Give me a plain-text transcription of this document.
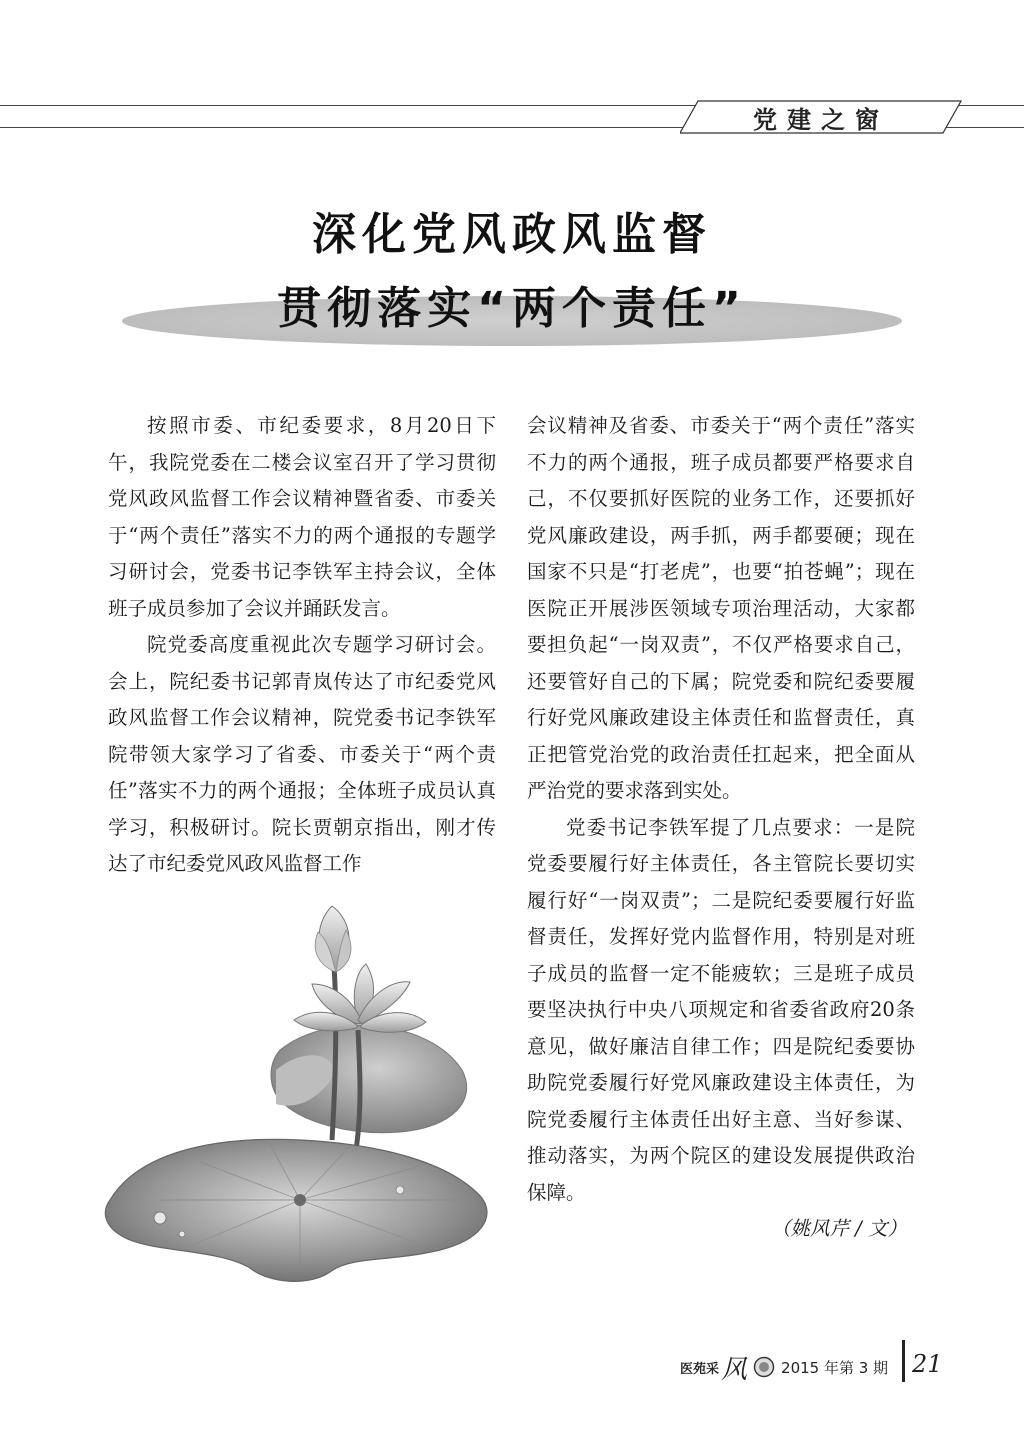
党建之窗
深化党风政风监督
贯彻落实“两个责任”

按照市委、市纪委要求，8月20日下午，我院党委在二楼会议室召开了学习贯彻党风政风监督工作会议精神暨省委、市委关于“两个责任”落实不力的两个通报的专题学习研讨会，党委书记李铁军主持会议，全体班子成员参加了会议并踊跃发言。

院党委高度重视此次专题学习研讨会。会上，院纪委书记郭青岚传达了市纪委党风政风监督工作会议精神，院党委书记李铁军院带领大家学习了省委、市委关于“两个责任”落实不力的两个通报；全体班子成员认真学习，积极研讨。院长贾朝京指出，刚才传达了市纪委党风政风监督工作

会议精神及省委、市委关于“两个责任”落实不力的两个通报，班子成员都要严格要求自己，不仅要抓好医院的业务工作，还要抓好党风廉政建设，两手抓，两手都要硬；现在国家不只是“打老虎”，也要“拍苍蝇”；现在医院正开展涉医领域专项治理活动，大家都要担负起“一岗双责”，不仅严格要求自己，还要管好自己的下属；院党委和院纪委要履行好党风廉政建设主体责任和监督责任，真正把管党治党的政治责任扛起来，把全面从严治党的要求落到实处。

党委书记李铁军提了几点要求：一是院党委要履行好主体责任，各主管院长要切实履行好“一岗双责”；二是院纪委要履行好监督责任，发挥好党内监督作用，特别是对班子成员的监督一定不能疲软；三是班子成员要坚决执行中央八项规定和省委省政府20条意见，做好廉洁自律工作；四是院纪委要协助院党委履行好党风廉政建设主体责任，为院党委履行主体责任出好主意、当好参谋、推动落实，为两个院区的建设发展提供政治保障。

（姚风芹 / 文）

医苑采 风 2015 年第 3 期 21
